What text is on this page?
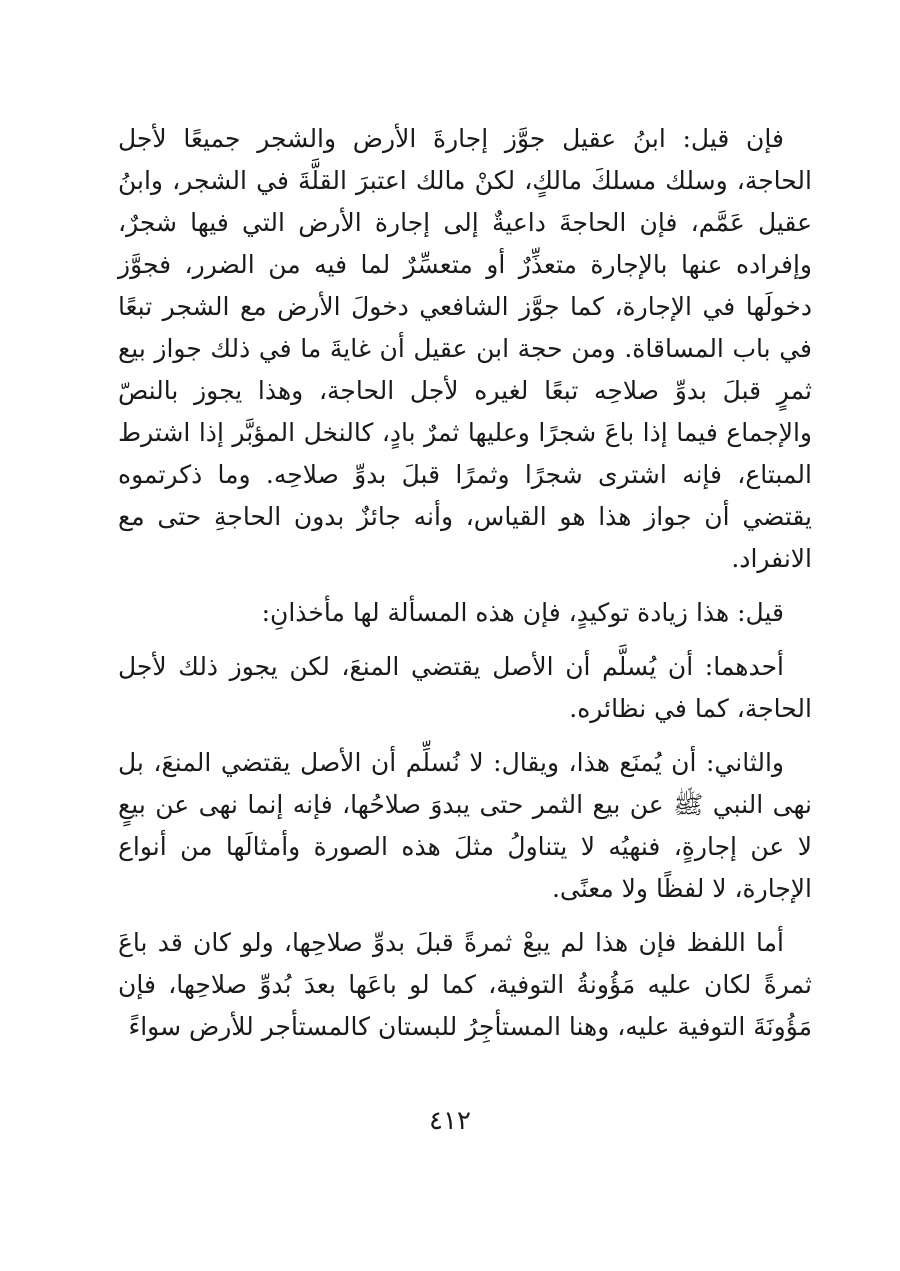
فإن قيل: ابنُ عقيل جوَّز إجارةَ الأرض والشجر جميعًا لأجل الحاجة، وسلك مسلكَ مالكٍ، لكنْ مالك اعتبرَ القلَّةَ في الشجر، وابنُ عقيل عَمَّم، فإن الحاجةَ داعيةٌ إلى إجارة الأرض التي فيها شجرٌ، وإفراده عنها بالإجارة متعذِّرٌ أو متعسِّرٌ لما فيه من الضرر، فجوَّز دخولَها في الإجارة، كما جوَّز الشافعي دخولَ الأرض مع الشجر تبعًا في باب المساقاة. ومن حجة ابن عقيل أن غايةَ ما في ذلك جواز بيع ثمرٍ قبلَ بدوِّ صلاحِه تبعًا لغيره لأجل الحاجة، وهذا يجوز بالنصّ والإجماع فيما إذا باعَ شجرًا وعليها ثمرٌ بادٍ، كالنخل المؤبَّر إذا اشترط المبتاع، فإنه اشترى شجرًا وثمرًا قبلَ بدوِّ صلاحِه. وما ذكرتموه يقتضي أن جواز هذا هو القياس، وأنه جائزٌ بدون الحاجةِ حتى مع الانفراد.

قيل: هذا زيادة توكيدٍ، فإن هذه المسألة لها مأخذانِ:

أحدهما: أن يُسلَّم أن الأصل يقتضي المنعَ، لكن يجوز ذلك لأجل الحاجة، كما في نظائره.

والثاني: أن يُمنَع هذا، ويقال: لا نُسلِّم أن الأصل يقتضي المنعَ، بل نهى النبي ﷺ عن بيع الثمر حتى يبدوَ صلاحُها، فإنه إنما نهى عن بيعٍ لا عن إجارةٍ، فنهيُه لا يتناولُ مثلَ هذه الصورة وأمثالَها من أنواع الإجارة، لا لفظًا ولا معنًى.

أما اللفظ فإن هذا لم يبعْ ثمرةً قبلَ بدوِّ صلاحِها، ولو كان قد باعَ ثمرةً لكان عليه مَؤُونةُ التوفية، كما لو باعَها بعدَ بُدوِّ صلاحِها، فإن مَؤُونَةَ التوفية عليه، وهنا المستأجِرُ للبستان كالمستأجر للأرض سواءً

٤١٢
